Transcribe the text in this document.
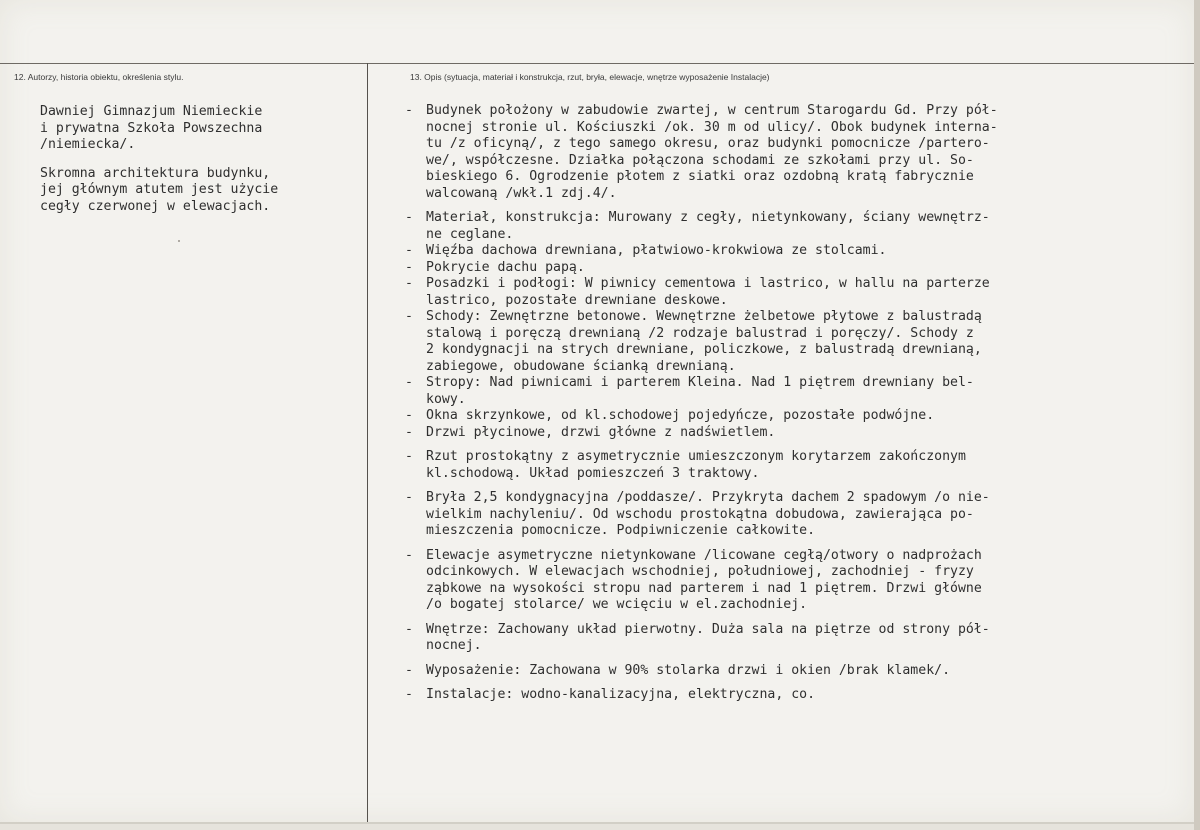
12. Autorzy, historia obiektu, określenia stylu.	13. Opis (sytuacja, materiał i konstrukcja, rzut, bryła, elewacje, wnętrze wyposażenie Instalacje)

Dawniej Gimnazjum Niemieckie
i prywatna Szkoła Powszechna
/niemiecka/.

Skromna architektura budynku,
jej głównym atutem jest użycie
cegły czerwonej w elewacjach.

- Budynek położony w zabudowie zwartej, w centrum Starogardu Gd. Przy pół-
nocnej stronie ul. Kościuszki /ok. 30 m od ulicy/. Obok budynek interna-
tu /z oficyną/, z tego samego okresu, oraz budynki pomocnicze /partero-
we/, współczesne. Działka połączona schodami ze szkołami przy ul. So-
bieskiego 6. Ogrodzenie płotem z siatki oraz ozdobną kratą fabrycznie
walcowaną /wkł.1 zdj.4/.
- Materiał, konstrukcja: Murowany z cegły, nietynkowany, ściany wewnętrz-
ne ceglane.
- Więźba dachowa drewniana, płatwiowo-krokwiowa ze stolcami.
- Pokrycie dachu papą.
- Posadzki i podłogi: W piwnicy cementowa i lastrico, w hallu na parterze
lastrico, pozostałe drewniane deskowe.
- Schody: Zewnętrzne betonowe. Wewnętrzne żelbetowe płytowe z balustradą
stalową i poręczą drewnianą /2 rodzaje balustrad i poręczy/. Schody z
2 kondygnacji na strych drewniane, policzkowe, z balustradą drewnianą,
zabiegowe, obudowane ścianką drewnianą.
- Stropy: Nad piwnicami i parterem Kleina. Nad 1 piętrem drewniany bel-
kowy.
- Okna skrzynkowe, od kl.schodowej pojedyńcze, pozostałe podwójne.
- Drzwi płycinowe, drzwi główne z nadświetlem.
- Rzut prostokątny z asymetrycznie umieszczonym korytarzem zakończonym
kl.schodową. Układ pomieszczeń 3 traktowy.
- Bryła 2,5 kondygnacyjna /poddasze/. Przykryta dachem 2 spadowym /o nie-
wielkim nachyleniu/. Od wschodu prostokątna dobudowa, zawierająca po-
mieszczenia pomocnicze. Podpiwniczenie całkowite.
- Elewacje asymetryczne nietynkowane /licowane cegłą/otwory o nadprożach
odcinkowych. W elewacjach wschodniej, południowej, zachodniej - fryzy
ząbkowe na wysokości stropu nad parterem i nad 1 piętrem. Drzwi główne
/o bogatej stolarce/ we wcięciu w el.zachodniej.
- Wnętrze: Zachowany układ pierwotny. Duża sala na piętrze od strony pół-
nocnej.
- Wyposażenie: Zachowana w 90% stolarka drzwi i okien /brak klamek/.
- Instalacje: wodno-kanalizacyjna, elektryczna, co.
